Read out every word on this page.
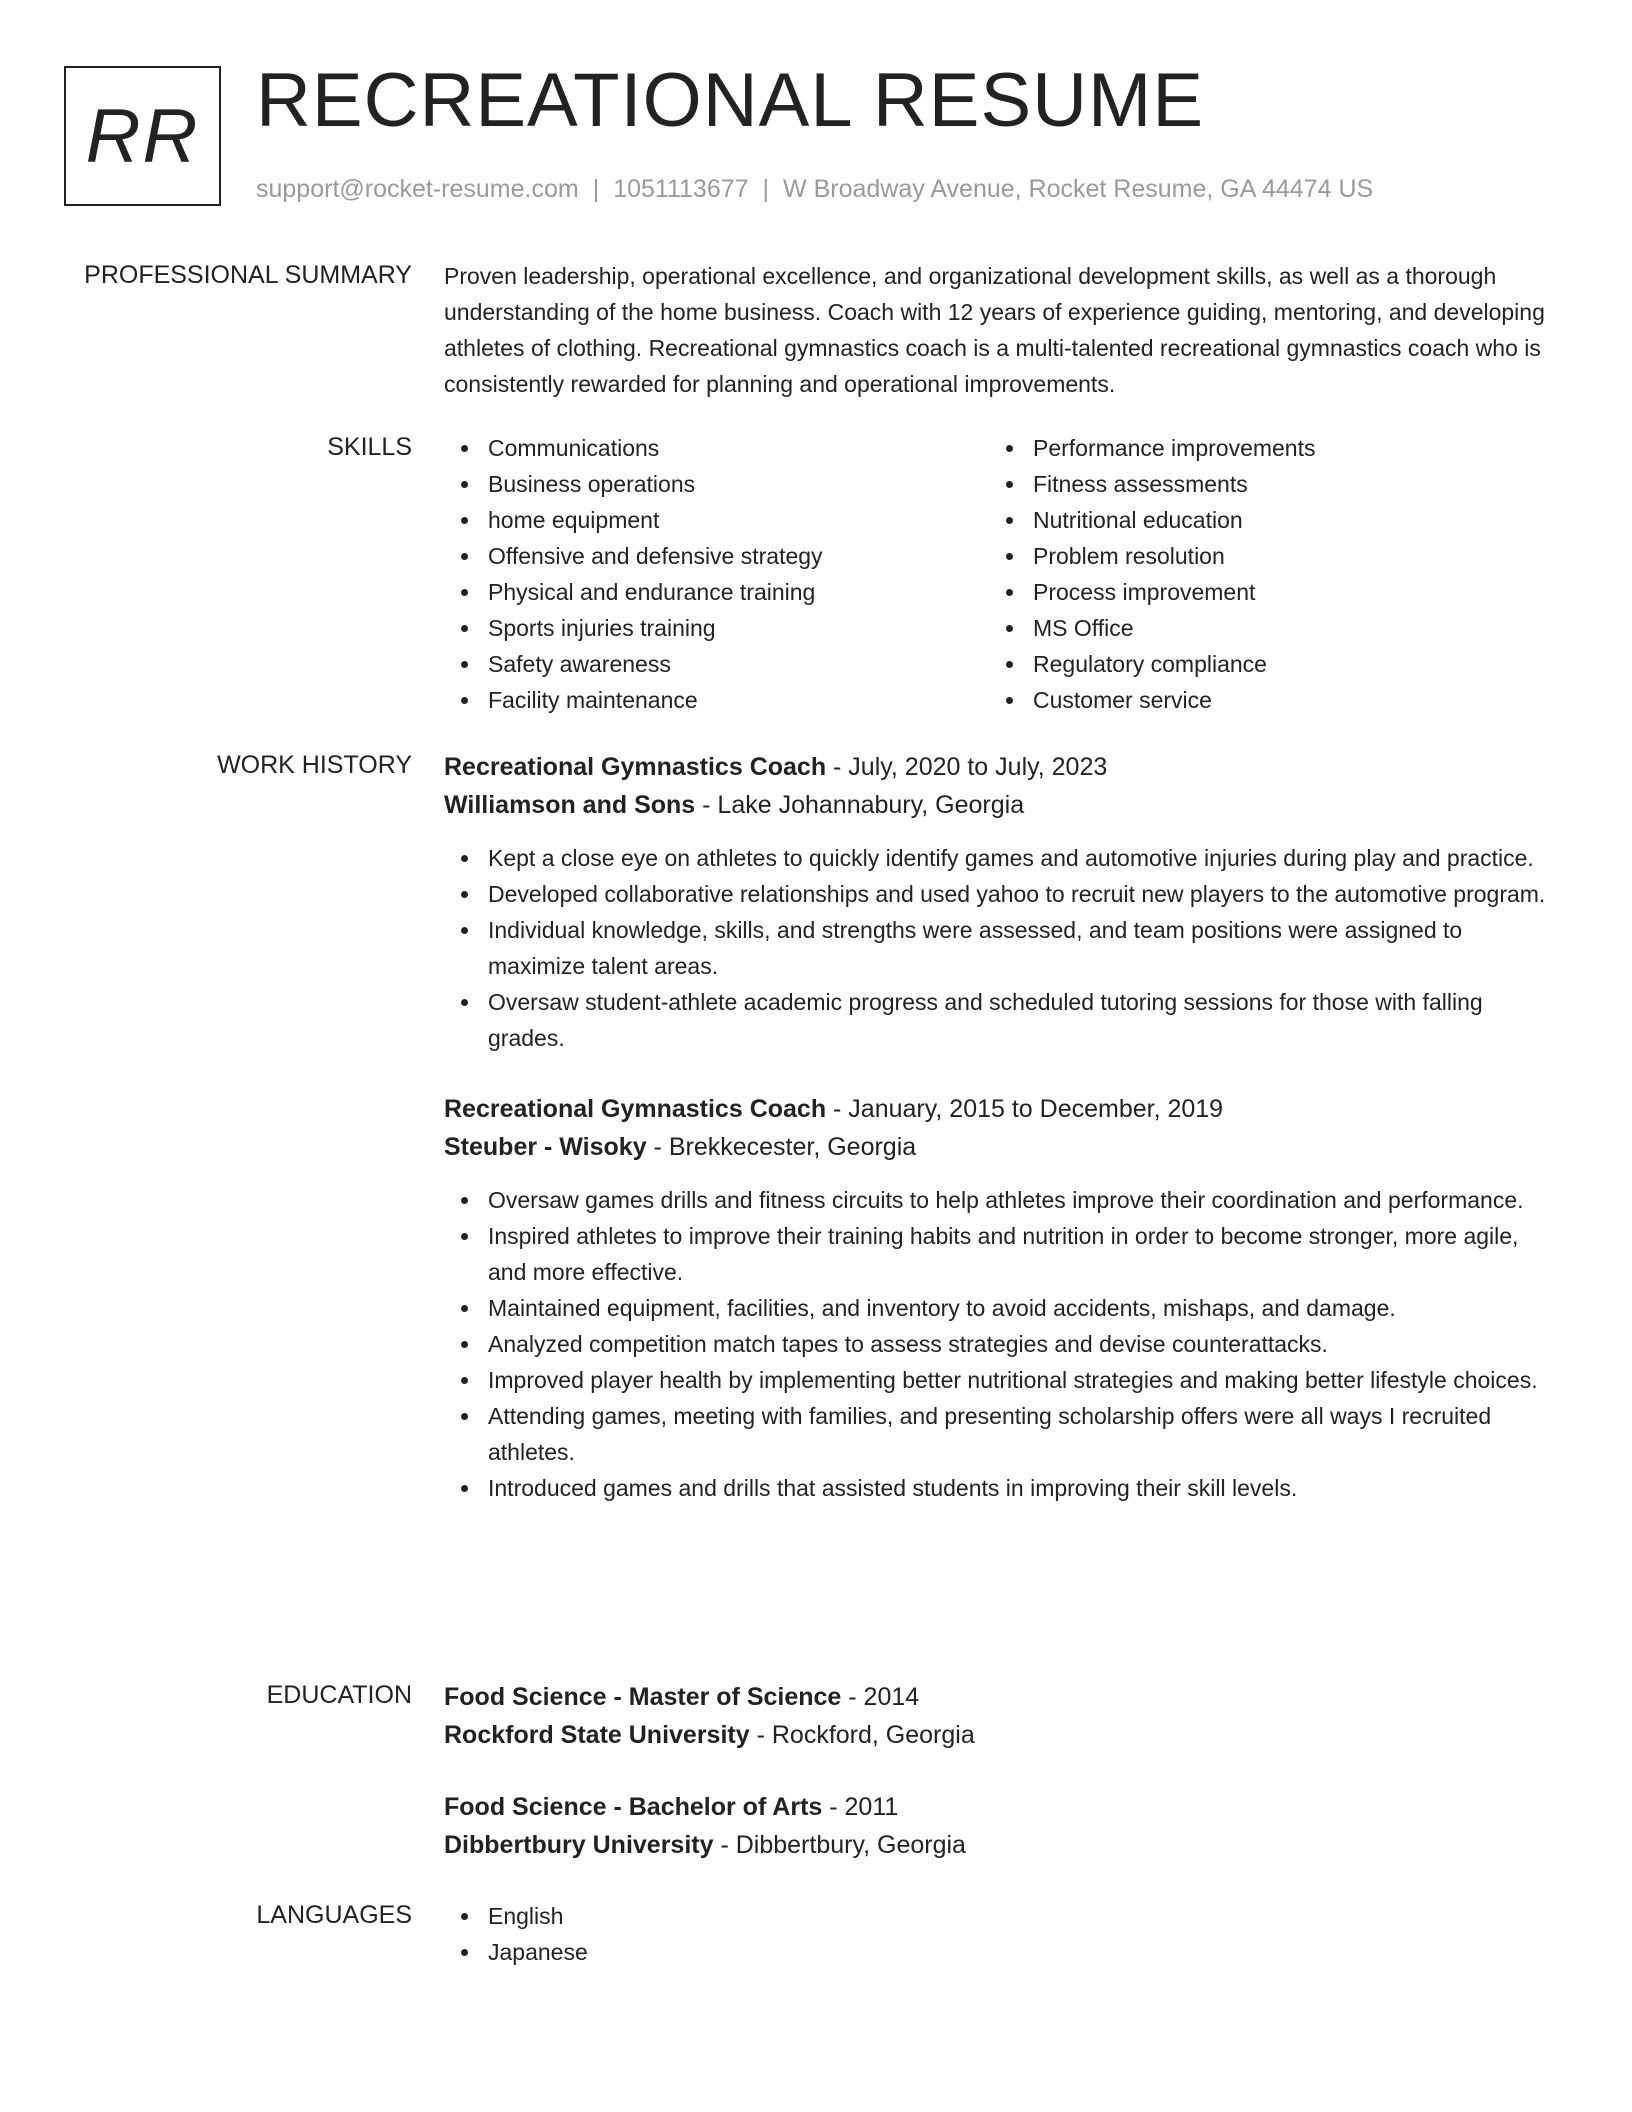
RR RECREATIONAL RESUME
support@rocket-resume.com | 1051113677 | W Broadway Avenue, Rocket Resume, GA 44474 US
PROFESSIONAL SUMMARY Proven leadership, operational excellence, and organizational development skills, as well as a thorough understanding of the home business. Coach with 12 years of experience guiding, mentoring, and developing athletes of clothing. Recreational gymnastics coach is a multi-talented recreational gymnastics coach who is consistently rewarded for planning and operational improvements.

SKILLS	Communications
Business operations
home equipment
Offensive and defensive strategy
Physical and endurance training
Sports injuries training
Safety awareness
Facility maintenance
Performance improvements
Fitness assessments
Nutritional education
Problem resolution
Process improvement
MS Office
Regulatory compliance
Customer service
WORK HISTORY Recreational Gymnastics Coach - July, 2020 to July, 2023
Williamson and Sons - Lake Johannabury, Georgia
Kept a close eye on athletes to quickly identify games and automotive injuries during play and practice.
Developed collaborative relationships and used yahoo to recruit new players to the automotive program.
Individual knowledge, skills, and strengths were assessed, and team positions were assigned to maximize talent areas.
Oversaw student-athlete academic progress and scheduled tutoring sessions for those with falling grades.
Recreational Gymnastics Coach - January, 2015 to December, 2019
Steuber - Wisoky - Brekkecester, Georgia
Oversaw games drills and fitness circuits to help athletes improve their coordination and performance.
Inspired athletes to improve their training habits and nutrition in order to become stronger, more agile, and more effective.
Maintained equipment, facilities, and inventory to avoid accidents, mishaps, and damage.
Analyzed competition match tapes to assess strategies and devise counterattacks.
Improved player health by implementing better nutritional strategies and making better lifestyle choices.
Attending games, meeting with families, and presenting scholarship offers were all ways I recruited athletes.
Introduced games and drills that assisted students in improving their skill levels.
EDUCATION Food Science - Master of Science - 2014
Rockford State University - Rockford, Georgia
Food Science - Bachelor of Arts - 2011
Dibbertbury University - Dibbertbury, Georgia
LANGUAGES	English
Japanese
